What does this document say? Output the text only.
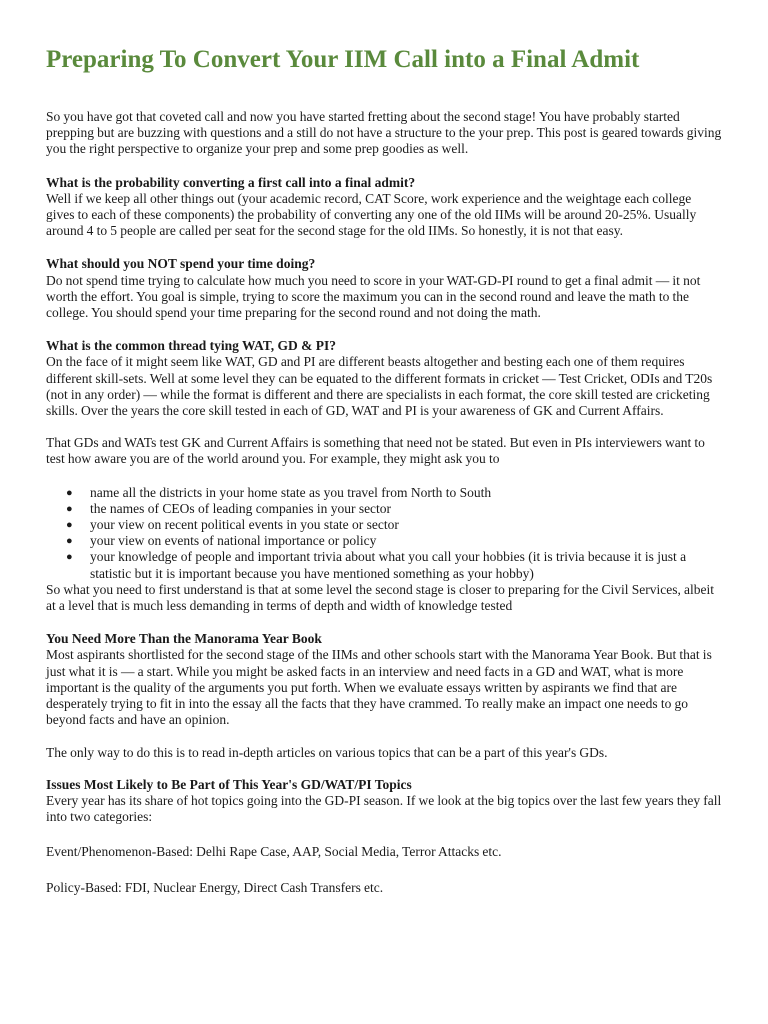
Preparing To Convert Your IIM Call into a Final Admit

So you have got that coveted call and now you have started fretting about the second stage! You have probably started prepping but are buzzing with questions and a still do not have a structure to the your prep. This post is geared towards giving you the right perspective to organize your prep and some prep goodies as well.

What is the probability converting a first call into a final admit?

Well if we keep all other things out (your academic record, CAT Score, work experience and the weightage each college gives to each of these components) the probability of converting any one of the old IIMs will be around 20-25%. Usually around 4 to 5 people are called per seat for the second stage for the old IIMs. So honestly, it is not that easy.

What should you NOT spend your time doing?

Do not spend time trying to calculate how much you need to score in your WAT-GD-PI round to get a final admit — it not worth the effort. You goal is simple, trying to score the maximum you can in the second round and leave the math to the college. You should spend your time preparing for the second round and not doing the math.

What is the common thread tying WAT, GD & PI?

On the face of it might seem like WAT, GD and PI are different beasts altogether and besting each one of them requires different skill-sets. Well at some level they can be equated to the different formats in cricket — Test Cricket, ODIs and T20s (not in any order) — while the format is different and there are specialists in each format, the core skill tested are cricketing skills. Over the years the core skill tested in each of GD, WAT and PI is your awareness of GK and Current Affairs.

That GDs and WATs test GK and Current Affairs is something that need not be stated. But even in PIs interviewers want to test how aware you are of the world around you. For example, they might ask you to

● name all the districts in your home state as you travel from North to South
● the names of CEOs of leading companies in your sector
● your view on recent political events in you state or sector
● your view on events of national importance or policy
● your knowledge of people and important trivia about what you call your hobbies (it is trivia because it is just a statistic but it is important because you have mentioned something as your hobby)

So what you need to first understand is that at some level the second stage is closer to preparing for the Civil Services, albeit at a level that is much less demanding in terms of depth and width of knowledge tested

You Need More Than the Manorama Year Book

Most aspirants shortlisted for the second stage of the IIMs and other schools start with the Manorama Year Book. But that is just what it is — a start. While you might be asked facts in an interview and need facts in a GD and WAT, what is more important is the quality of the arguments you put forth. When we evaluate essays written by aspirants we find that are desperately trying to fit in into the essay all the facts that they have crammed. To really make an impact one needs to go beyond facts and have an opinion.

The only way to do this is to read in-depth articles on various topics that can be a part of this year's GDs.

Issues Most Likely to Be Part of This Year's GD/WAT/PI Topics

Every year has its share of hot topics going into the GD-PI season. If we look at the big topics over the last few years they fall into two categories:

Event/Phenomenon-Based: Delhi Rape Case, AAP, Social Media, Terror Attacks etc.

Policy-Based: FDI, Nuclear Energy, Direct Cash Transfers etc.
